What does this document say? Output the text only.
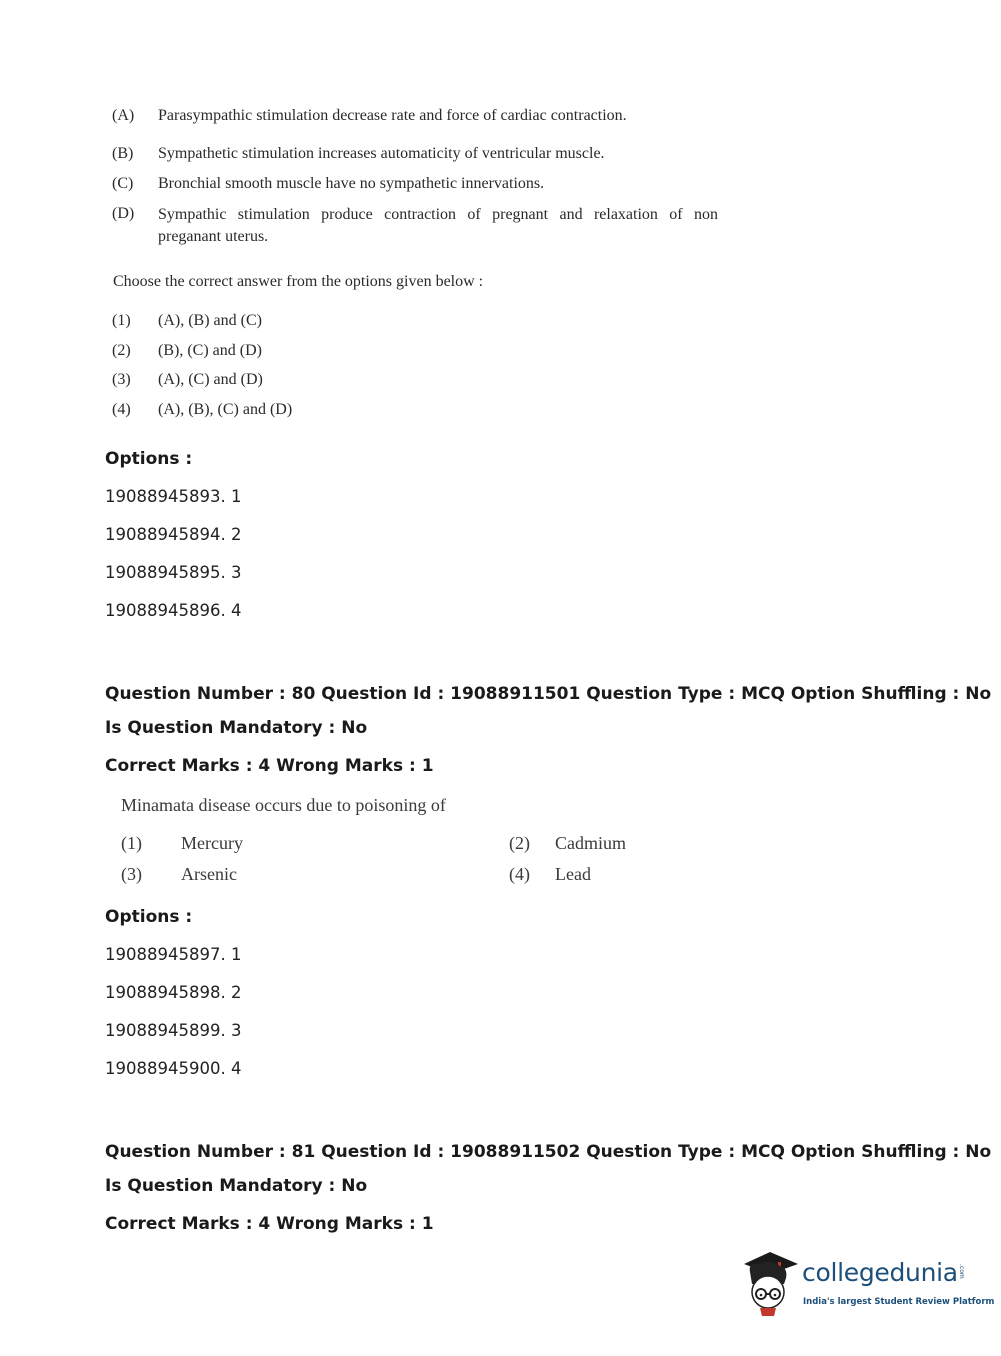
(A) Parasympathic stimulation decrease rate and force of cardiac contraction.
(B) Sympathetic stimulation increases automaticity of ventricular muscle.
(C) Bronchial smooth muscle have no sympathetic innervations.
(D) Sympathic stimulation produce contraction of pregnant and relaxation of non preganant uterus.
Choose the correct answer from the options given below :
(1) (A), (B) and (C)
(2) (B), (C) and (D)
(3) (A), (C) and (D)
(4) (A), (B), (C) and (D)
Options :
19088945893. 1
19088945894. 2
19088945895. 3
19088945896. 4
Question Number : 80 Question Id : 19088911501 Question Type : MCQ Option Shuffling : No
Is Question Mandatory : No
Correct Marks : 4 Wrong Marks : 1
Minamata disease occurs due to poisoning of
(1) Mercury	(2) Cadmium
(3) Arsenic	(4) Lead
Options :
19088945897. 1
19088945898. 2
19088945899. 3
19088945900. 4
Question Number : 81 Question Id : 19088911502 Question Type : MCQ Option Shuffling : No
Is Question Mandatory : No
Correct Marks : 4 Wrong Marks : 1
collegedunia .com
India's largest Student Review Platform
